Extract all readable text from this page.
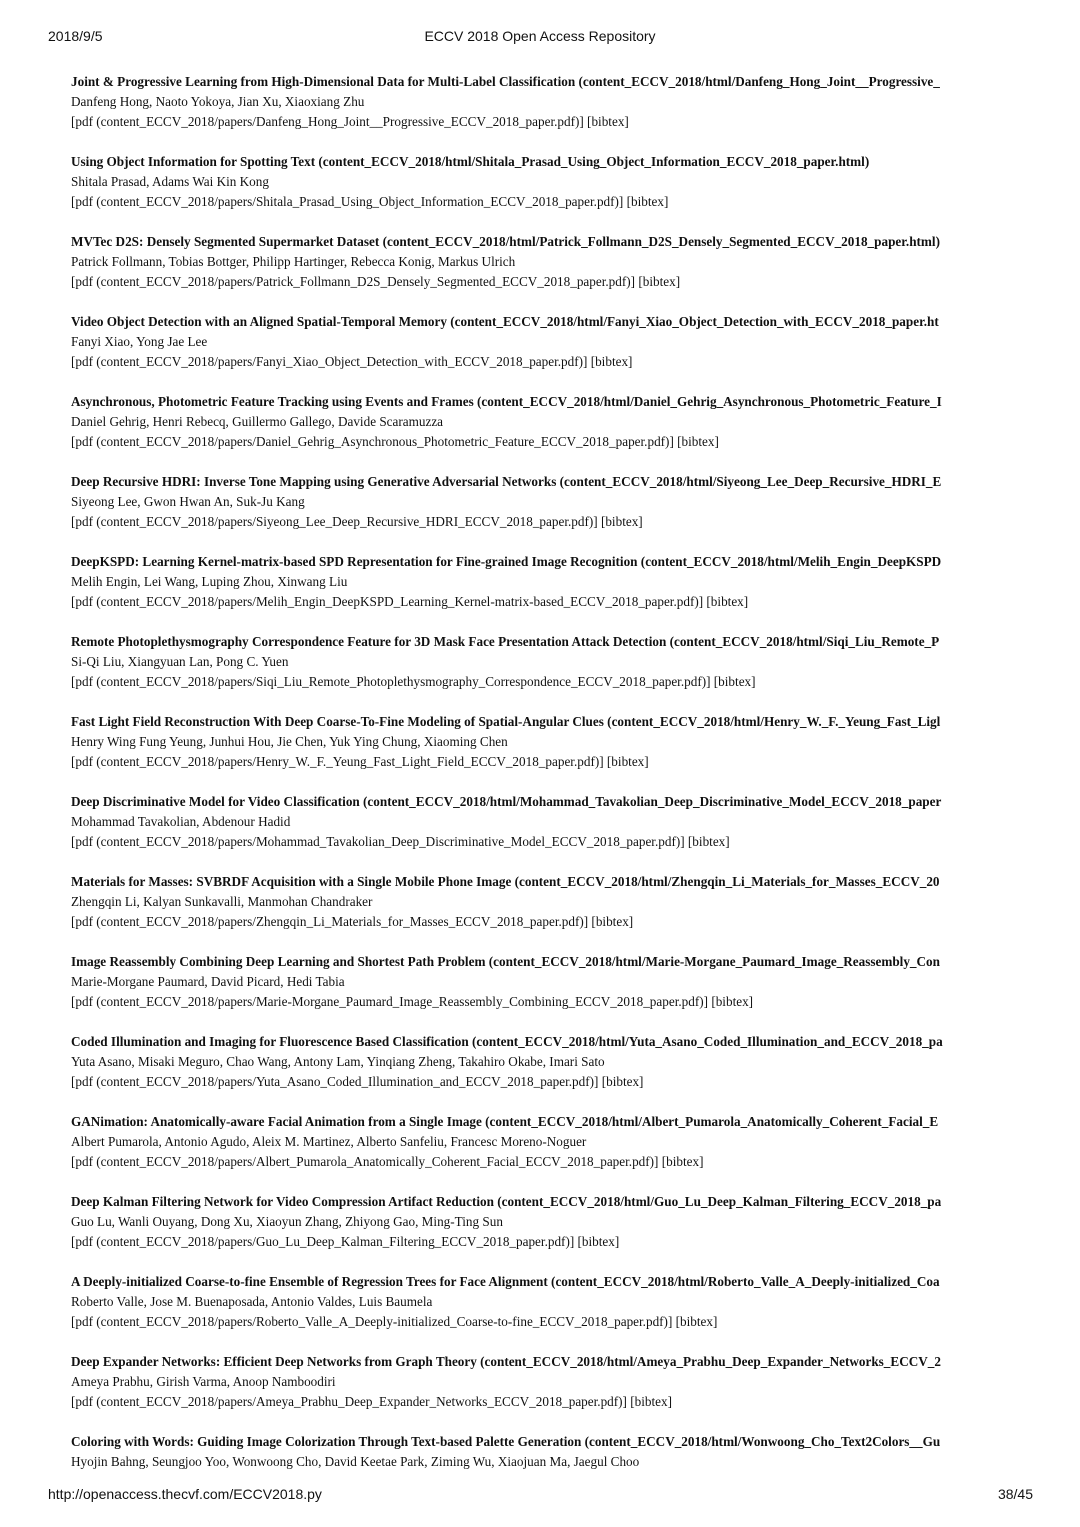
2018/9/5	ECCV 2018 Open Access Repository
Joint & Progressive Learning from High-Dimensional Data for Multi-Label Classification (content_ECCV_2018/html/Danfeng_Hong_Joint__Progressive_
Danfeng Hong, Naoto Yokoya, Jian Xu, Xiaoxiang Zhu
[pdf (content_ECCV_2018/papers/Danfeng_Hong_Joint__Progressive_ECCV_2018_paper.pdf)] [bibtex]
Using Object Information for Spotting Text (content_ECCV_2018/html/Shitala_Prasad_Using_Object_Information_ECCV_2018_paper.html)
Shitala Prasad, Adams Wai Kin Kong
[pdf (content_ECCV_2018/papers/Shitala_Prasad_Using_Object_Information_ECCV_2018_paper.pdf)] [bibtex]
MVTec D2S: Densely Segmented Supermarket Dataset (content_ECCV_2018/html/Patrick_Follmann_D2S_Densely_Segmented_ECCV_2018_paper.html)
Patrick Follmann, Tobias Bottger, Philipp Hartinger, Rebecca Konig, Markus Ulrich
[pdf (content_ECCV_2018/papers/Patrick_Follmann_D2S_Densely_Segmented_ECCV_2018_paper.pdf)] [bibtex]
Video Object Detection with an Aligned Spatial-Temporal Memory (content_ECCV_2018/html/Fanyi_Xiao_Object_Detection_with_ECCV_2018_paper.ht
Fanyi Xiao, Yong Jae Lee
[pdf (content_ECCV_2018/papers/Fanyi_Xiao_Object_Detection_with_ECCV_2018_paper.pdf)] [bibtex]
Asynchronous, Photometric Feature Tracking using Events and Frames (content_ECCV_2018/html/Daniel_Gehrig_Asynchronous_Photometric_Feature_I
Daniel Gehrig, Henri Rebecq, Guillermo Gallego, Davide Scaramuzza
[pdf (content_ECCV_2018/papers/Daniel_Gehrig_Asynchronous_Photometric_Feature_ECCV_2018_paper.pdf)] [bibtex]
Deep Recursive HDRI: Inverse Tone Mapping using Generative Adversarial Networks (content_ECCV_2018/html/Siyeong_Lee_Deep_Recursive_HDRI_E
Siyeong Lee, Gwon Hwan An, Suk-Ju Kang
[pdf (content_ECCV_2018/papers/Siyeong_Lee_Deep_Recursive_HDRI_ECCV_2018_paper.pdf)] [bibtex]
DeepKSPD: Learning Kernel-matrix-based SPD Representation for Fine-grained Image Recognition (content_ECCV_2018/html/Melih_Engin_DeepKSPD
Melih Engin, Lei Wang, Luping Zhou, Xinwang Liu
[pdf (content_ECCV_2018/papers/Melih_Engin_DeepKSPD_Learning_Kernel-matrix-based_ECCV_2018_paper.pdf)] [bibtex]
Remote Photoplethysmography Correspondence Feature for 3D Mask Face Presentation Attack Detection (content_ECCV_2018/html/Siqi_Liu_Remote_P
Si-Qi Liu, Xiangyuan Lan, Pong C. Yuen
[pdf (content_ECCV_2018/papers/Siqi_Liu_Remote_Photoplethysmography_Correspondence_ECCV_2018_paper.pdf)] [bibtex]
Fast Light Field Reconstruction With Deep Coarse-To-Fine Modeling of Spatial-Angular Clues (content_ECCV_2018/html/Henry_W._F._Yeung_Fast_Ligl
Henry Wing Fung Yeung, Junhui Hou, Jie Chen, Yuk Ying Chung, Xiaoming Chen
[pdf (content_ECCV_2018/papers/Henry_W._F._Yeung_Fast_Light_Field_ECCV_2018_paper.pdf)] [bibtex]
Deep Discriminative Model for Video Classification (content_ECCV_2018/html/Mohammad_Tavakolian_Deep_Discriminative_Model_ECCV_2018_paper
Mohammad Tavakolian, Abdenour Hadid
[pdf (content_ECCV_2018/papers/Mohammad_Tavakolian_Deep_Discriminative_Model_ECCV_2018_paper.pdf)] [bibtex]
Materials for Masses: SVBRDF Acquisition with a Single Mobile Phone Image (content_ECCV_2018/html/Zhengqin_Li_Materials_for_Masses_ECCV_20
Zhengqin Li, Kalyan Sunkavalli, Manmohan Chandraker
[pdf (content_ECCV_2018/papers/Zhengqin_Li_Materials_for_Masses_ECCV_2018_paper.pdf)] [bibtex]
Image Reassembly Combining Deep Learning and Shortest Path Problem (content_ECCV_2018/html/Marie-Morgane_Paumard_Image_Reassembly_Con
Marie-Morgane Paumard, David Picard, Hedi Tabia
[pdf (content_ECCV_2018/papers/Marie-Morgane_Paumard_Image_Reassembly_Combining_ECCV_2018_paper.pdf)] [bibtex]
Coded Illumination and Imaging for Fluorescence Based Classification (content_ECCV_2018/html/Yuta_Asano_Coded_Illumination_and_ECCV_2018_pa
Yuta Asano, Misaki Meguro, Chao Wang, Antony Lam, Yinqiang Zheng, Takahiro Okabe, Imari Sato
[pdf (content_ECCV_2018/papers/Yuta_Asano_Coded_Illumination_and_ECCV_2018_paper.pdf)] [bibtex]
GANimation: Anatomically-aware Facial Animation from a Single Image (content_ECCV_2018/html/Albert_Pumarola_Anatomically_Coherent_Facial_E
Albert Pumarola, Antonio Agudo, Aleix M. Martinez, Alberto Sanfeliu, Francesc Moreno-Noguer
[pdf (content_ECCV_2018/papers/Albert_Pumarola_Anatomically_Coherent_Facial_ECCV_2018_paper.pdf)] [bibtex]
Deep Kalman Filtering Network for Video Compression Artifact Reduction (content_ECCV_2018/html/Guo_Lu_Deep_Kalman_Filtering_ECCV_2018_pa
Guo Lu, Wanli Ouyang, Dong Xu, Xiaoyun Zhang, Zhiyong Gao, Ming-Ting Sun
[pdf (content_ECCV_2018/papers/Guo_Lu_Deep_Kalman_Filtering_ECCV_2018_paper.pdf)] [bibtex]
A Deeply-initialized Coarse-to-fine Ensemble of Regression Trees for Face Alignment (content_ECCV_2018/html/Roberto_Valle_A_Deeply-initialized_Coa
Roberto Valle, Jose M. Buenaposada, Antonio Valdes, Luis Baumela
[pdf (content_ECCV_2018/papers/Roberto_Valle_A_Deeply-initialized_Coarse-to-fine_ECCV_2018_paper.pdf)] [bibtex]
Deep Expander Networks: Efficient Deep Networks from Graph Theory (content_ECCV_2018/html/Ameya_Prabhu_Deep_Expander_Networks_ECCV_2
Ameya Prabhu, Girish Varma, Anoop Namboodiri
[pdf (content_ECCV_2018/papers/Ameya_Prabhu_Deep_Expander_Networks_ECCV_2018_paper.pdf)] [bibtex]
Coloring with Words: Guiding Image Colorization Through Text-based Palette Generation (content_ECCV_2018/html/Wonwoong_Cho_Text2Colors__Gu
Hyojin Bahng, Seungjoo Yoo, Wonwoong Cho, David Keetae Park, Ziming Wu, Xiaojuan Ma, Jaegul Choo
http://openaccess.thecvf.com/ECCV2018.py	38/45
